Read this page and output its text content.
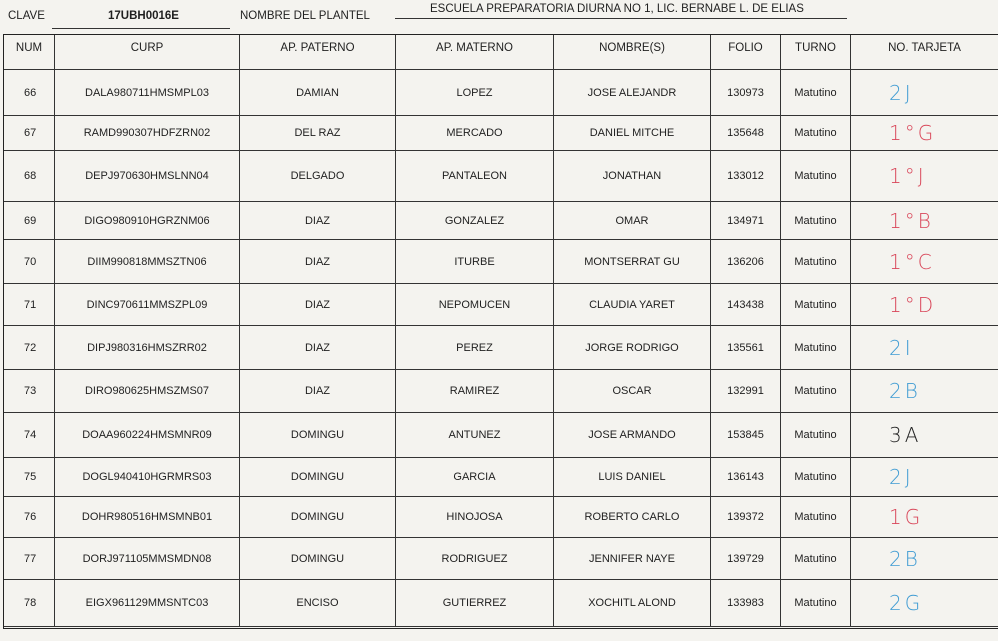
CLAVE	17UBH0016E	NOMBRE DEL PLANTEL
ESCUELA PREPARATORIA DIURNA NO 1, LIC. BERNABE L. DE ELIAS
NUM	CURP	AP. PATERNO	AP. MATERNO	NOMBRE(S)	FOLIO	TURNO	NO. TARJETA
66	DALA980711HMSMPL03	DAMIAN	LOPEZ	JOSE ALEJANDR	130973	Matutino	2J
67	RAMD990307HDFZRN02	DEL RAZ	MERCADO	DANIEL MITCHE	135648	Matutino	1°G
68	DEPJ970630HMSLNN04	DELGADO	PANTALEON	JONATHAN	133012	Matutino	1°J
69	DIGO980910HGRZNM06	DIAZ	GONZALEZ	OMAR	134971	Matutino	1°B
70	DIIM990818MMSZTN06	DIAZ	ITURBE	MONTSERRAT GU	136206	Matutino	1°C
71	DINC970611MMSZPL09	DIAZ	NEPOMUCEN	CLAUDIA YARET	143438	Matutino	1°D
72	DIPJ980316HMSZRR02	DIAZ	PEREZ	JORGE RODRIGO	135561	Matutino	2I
73	DIRO980625HMSZMS07	DIAZ	RAMIREZ	OSCAR	132991	Matutino	2B
74	DOAA960224HMSMNR09	DOMINGU	ANTUNEZ	JOSE ARMANDO	153845	Matutino	3A
75	DOGL940410HGRMRS03	DOMINGU	GARCIA	LUIS DANIEL	136143	Matutino	2J
76	DOHR980516HMSMNB01	DOMINGU	HINOJOSA	ROBERTO CARLO	139372	Matutino	1G
77	DORJ971105MMSMDN08	DOMINGU	RODRIGUEZ	JENNIFER NAYE	139729	Matutino	2B
78	EIGX961129MMSNTC03	ENCISO	GUTIERREZ	XOCHITL ALOND	133983	Matutino	2G
